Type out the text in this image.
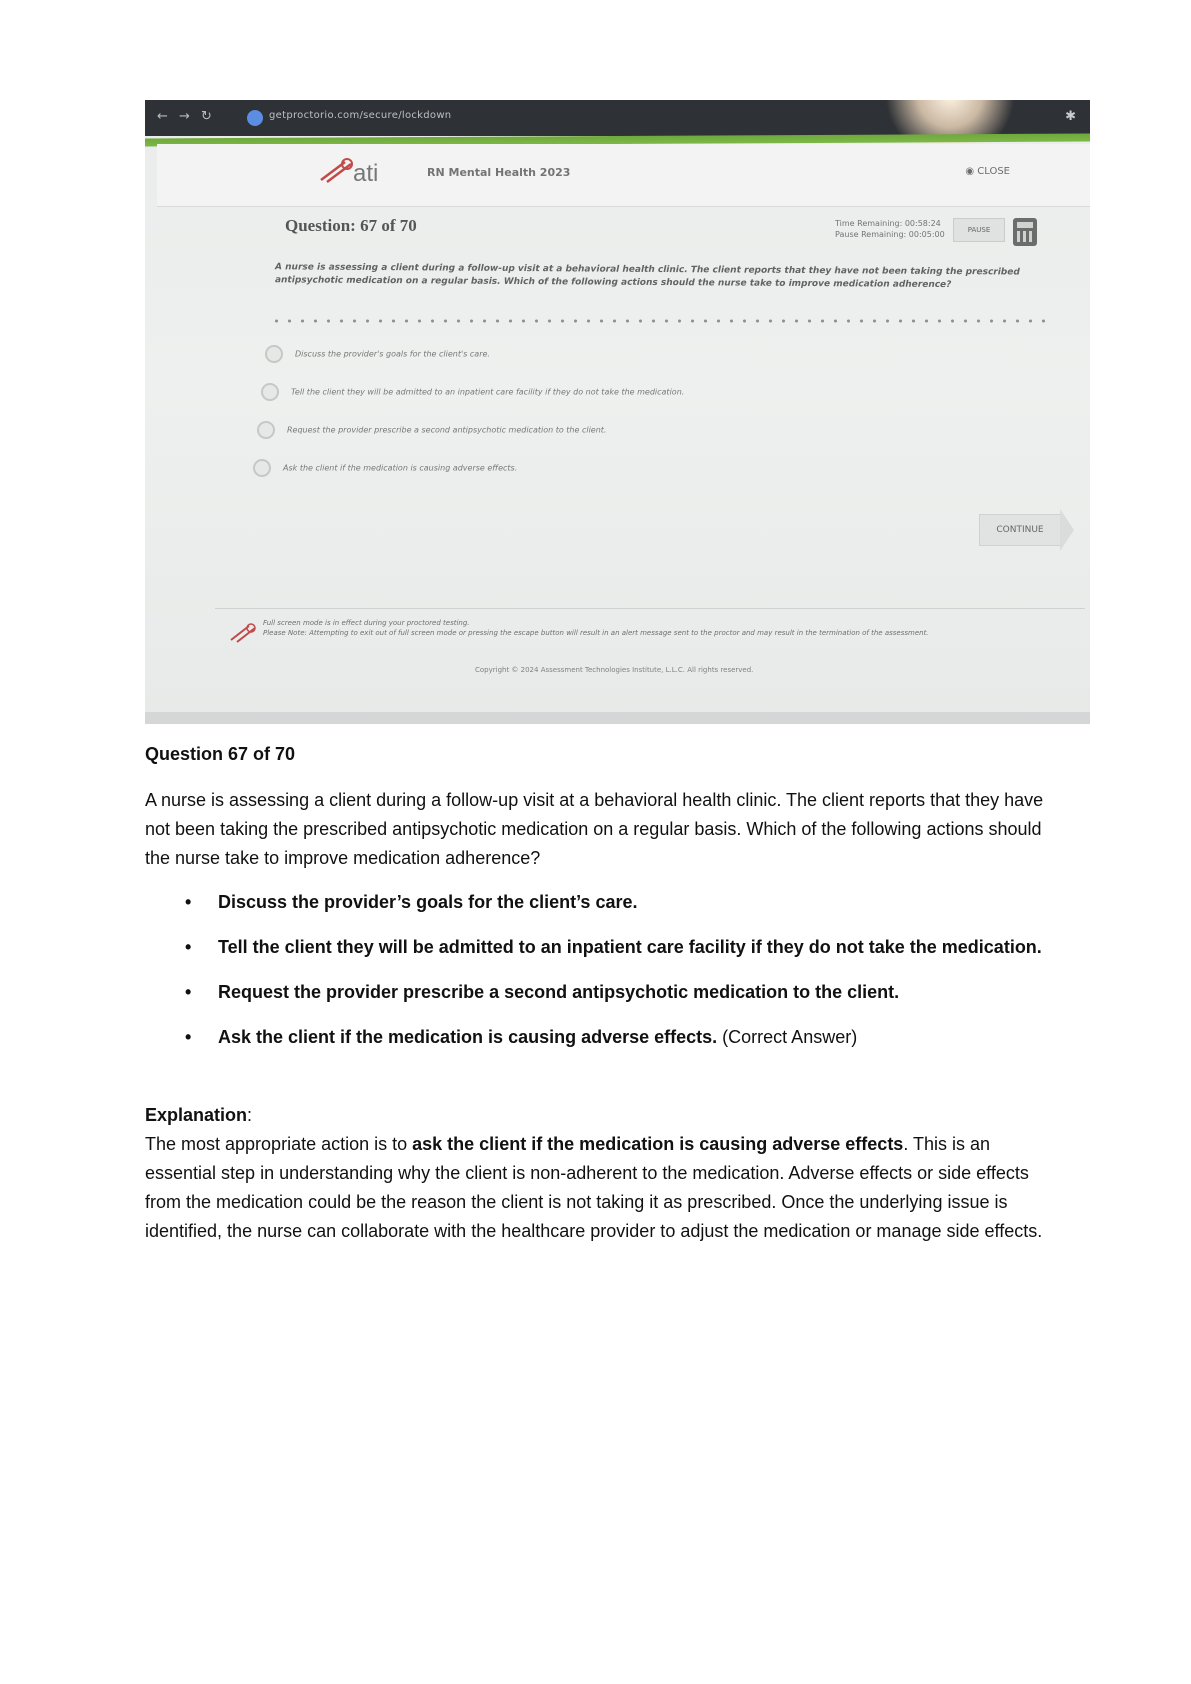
← → ↻	getproctorio.com/secure/lockdown	✱
ati	RN Mental Health 2023	◉ CLOSE
Question: 67 of 70	Time Remaining: 00:58:24
Pause Remaining: 00:05:00	PAUSE
A nurse is assessing a client during a follow-up visit at a behavioral health clinic. The client reports that they have not been taking the prescribed antipsychotic medication on a regular basis. Which of the following actions should the nurse take to improve medication adherence?
Discuss the provider's goals for the client's care.
Tell the client they will be admitted to an inpatient care facility if they do not take the medication.
Request the provider prescribe a second antipsychotic medication to the client.
Ask the client if the medication is causing adverse effects.
CONTINUE
Full screen mode is in effect during your proctored testing.
Please Note: Attempting to exit out of full screen mode or pressing the escape button will result in an alert message sent to the proctor and may result in the termination of the assessment.
Copyright © 2024 Assessment Technologies Institute, L.L.C. All rights reserved.
Question 67 of 70
A nurse is assessing a client during a follow-up visit at a behavioral health clinic. The client reports that they have not been taking the prescribed antipsychotic medication on a regular basis. Which of the following actions should the nurse take to improve medication adherence?
• Discuss the provider’s goals for the client’s care.
• Tell the client they will be admitted to an inpatient care facility if they do not take the medication.
• Request the provider prescribe a second antipsychotic medication to the client.
• Ask the client if the medication is causing adverse effects. (Correct Answer)
Explanation:
The most appropriate action is to ask the client if the medication is causing adverse effects. This is an essential step in understanding why the client is non-adherent to the medication. Adverse effects or side effects from the medication could be the reason the client is not taking it as prescribed. Once the underlying issue is identified, the nurse can collaborate with the healthcare provider to adjust the medication or manage side effects.
